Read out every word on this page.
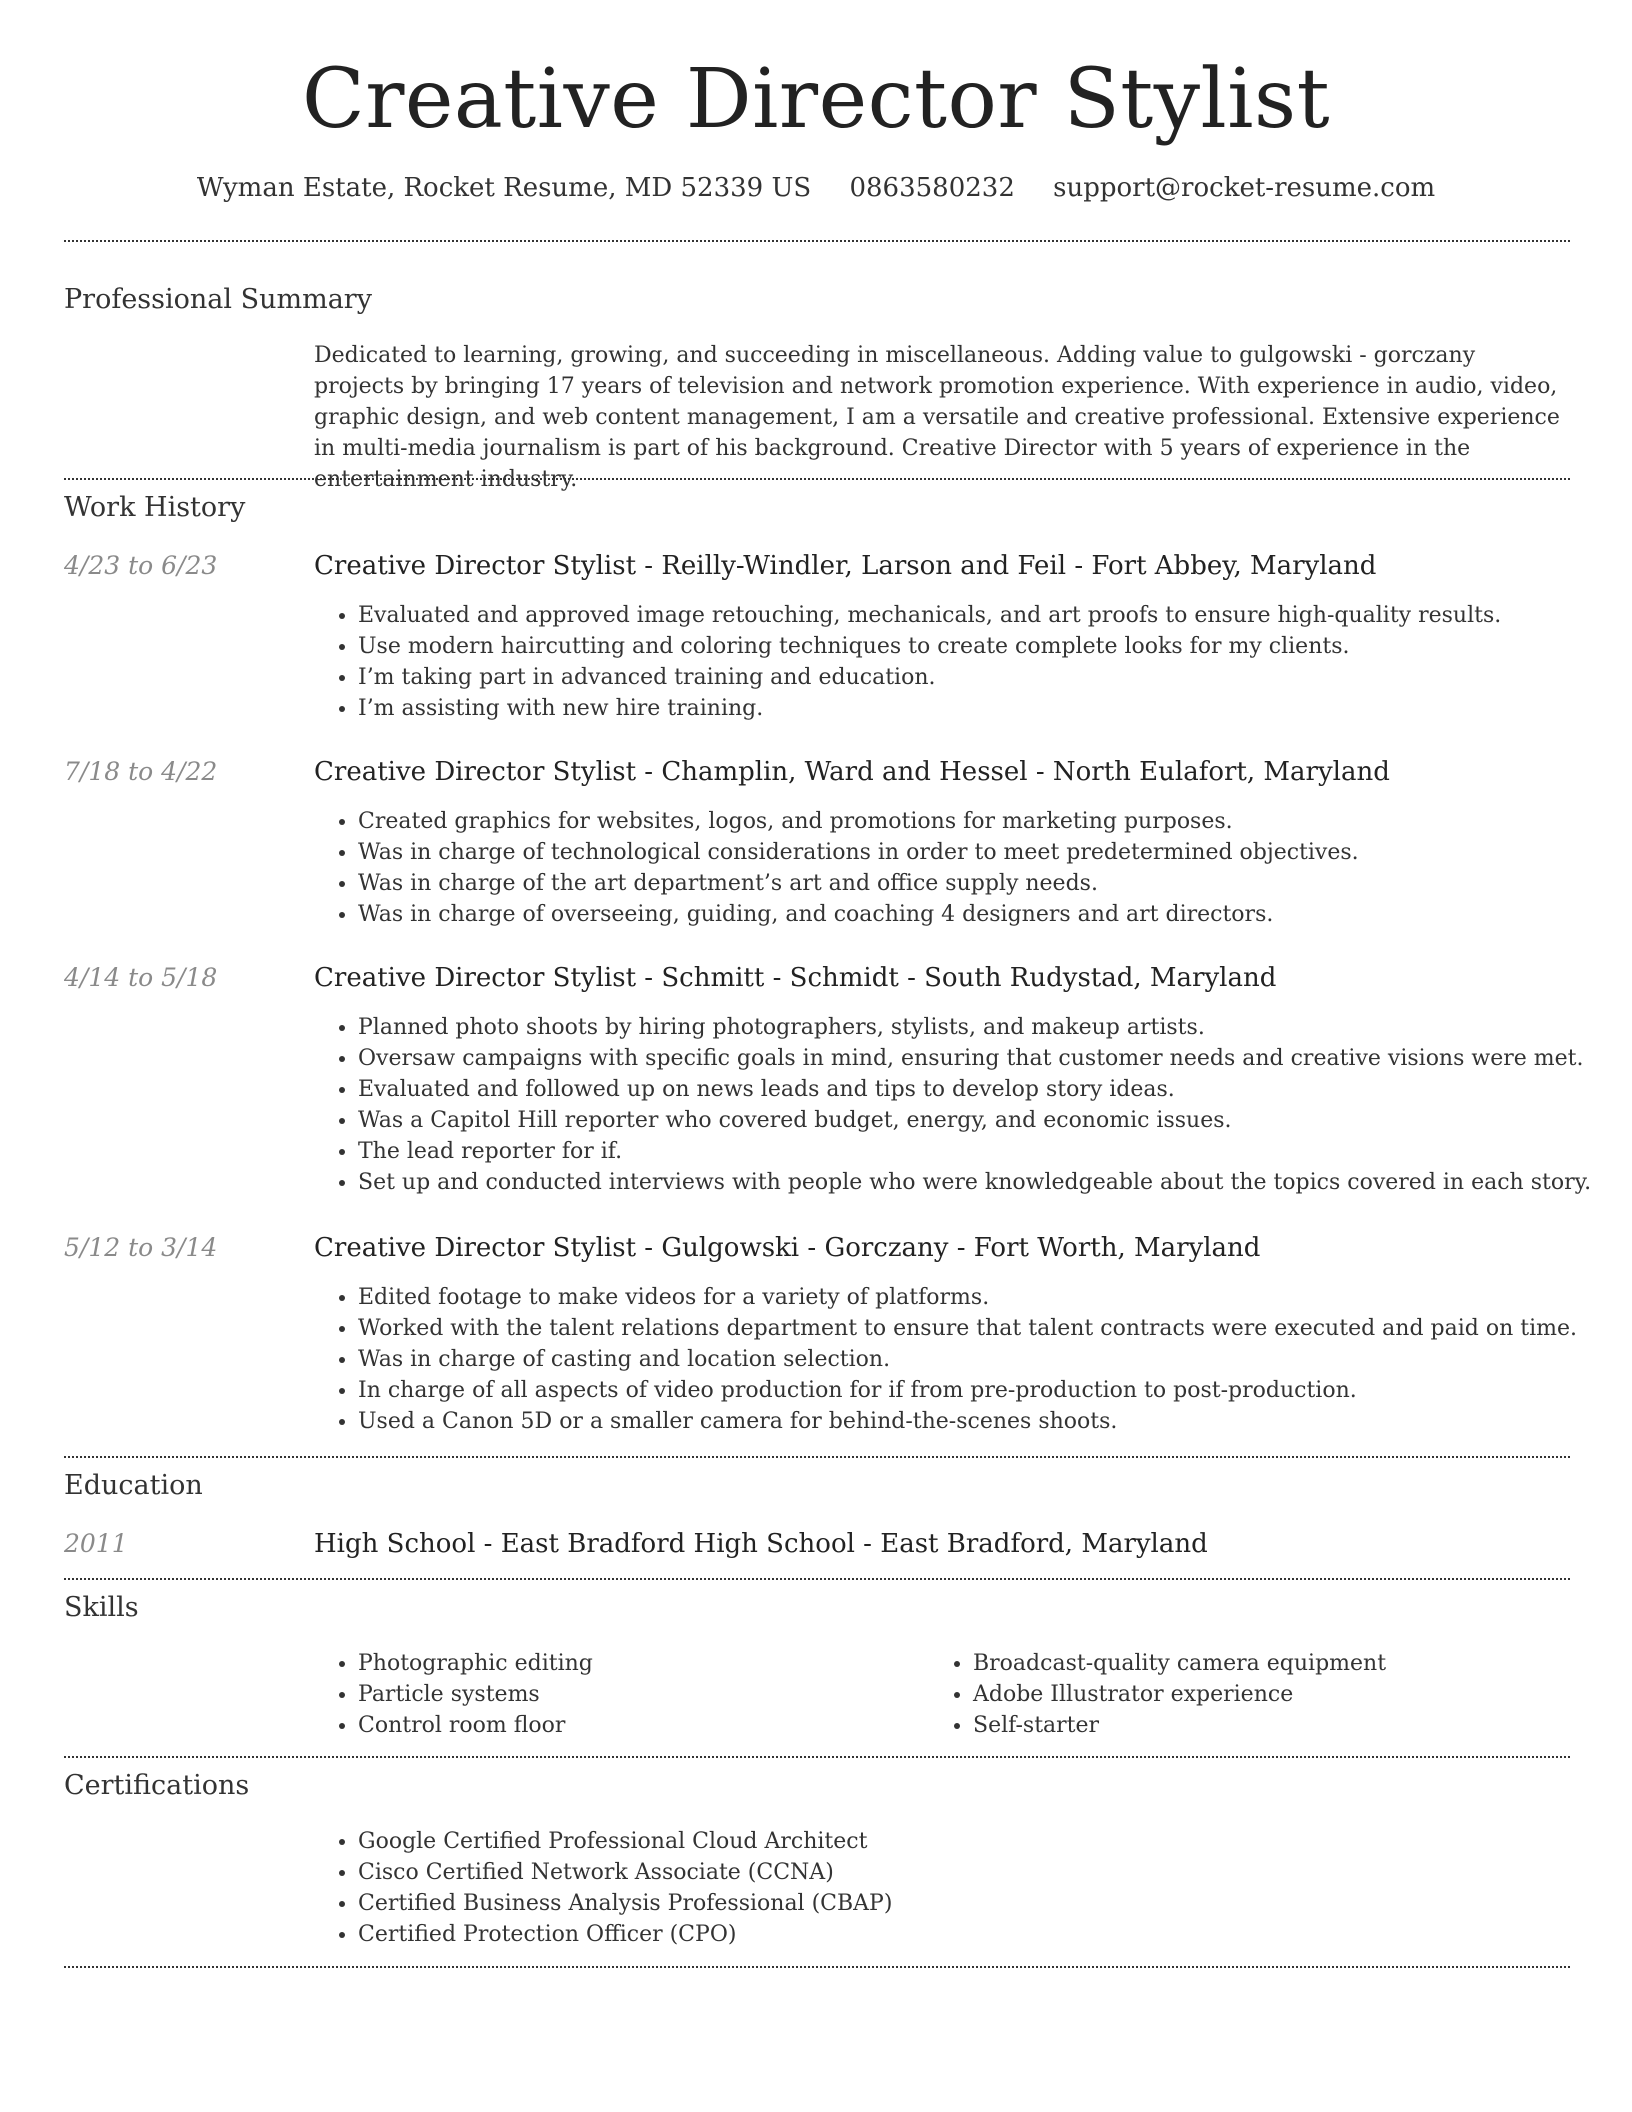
Creative Director Stylist
Wyman Estate, Rocket Resume, MD 52339 US 0863580232 support@rocket-resume.com
Professional Summary

Dedicated to learning, growing, and succeeding in miscellaneous. Adding value to gulgowski - gorczany projects by bringing 17 years of television and network promotion experience. With experience in audio, video, graphic design, and web content management, I am a versatile and creative professional. Extensive experience in multi-media journalism is part of his background. Creative Director with 5 years of experience in the entertainment industry.

Work History
4/23 to 6/23	Creative Director Stylist - Reilly-Windler, Larson and Feil - Fort Abbey, Maryland
• Evaluated and approved image retouching, mechanicals, and art proofs to ensure high-quality results.
• Use modern haircutting and coloring techniques to create complete looks for my clients.
• I’m taking part in advanced training and education.
• I’m assisting with new hire training.
7/18 to 4/22	Creative Director Stylist - Champlin, Ward and Hessel - North Eulafort, Maryland
• Created graphics for websites, logos, and promotions for marketing purposes.
• Was in charge of technological considerations in order to meet predetermined objectives.
• Was in charge of the art department’s art and office supply needs.
• Was in charge of overseeing, guiding, and coaching 4 designers and art directors.
4/14 to 5/18	Creative Director Stylist - Schmitt - Schmidt - South Rudystad, Maryland
• Planned photo shoots by hiring photographers, stylists, and makeup artists.
• Oversaw campaigns with specific goals in mind, ensuring that customer needs and creative visions were met.
• Evaluated and followed up on news leads and tips to develop story ideas.
• Was a Capitol Hill reporter who covered budget, energy, and economic issues.
• The lead reporter for if.
• Set up and conducted interviews with people who were knowledgeable about the topics covered in each story.
5/12 to 3/14	Creative Director Stylist - Gulgowski - Gorczany - Fort Worth, Maryland
• Edited footage to make videos for a variety of platforms.
• Worked with the talent relations department to ensure that talent contracts were executed and paid on time.
• Was in charge of casting and location selection.
• In charge of all aspects of video production for if from pre-production to post-production.
• Used a Canon 5D or a smaller camera for behind-the-scenes shoots.
Education
2011	High School - East Bradford High School - East Bradford, Maryland
Skills
• Photographic editing
• Particle systems
• Control room floor
• Broadcast-quality camera equipment
• Adobe Illustrator experience
• Self-starter
Certifications
• Google Certified Professional Cloud Architect
• Cisco Certified Network Associate (CCNA)
• Certified Business Analysis Professional (CBAP)
• Certified Protection Officer (CPO)
